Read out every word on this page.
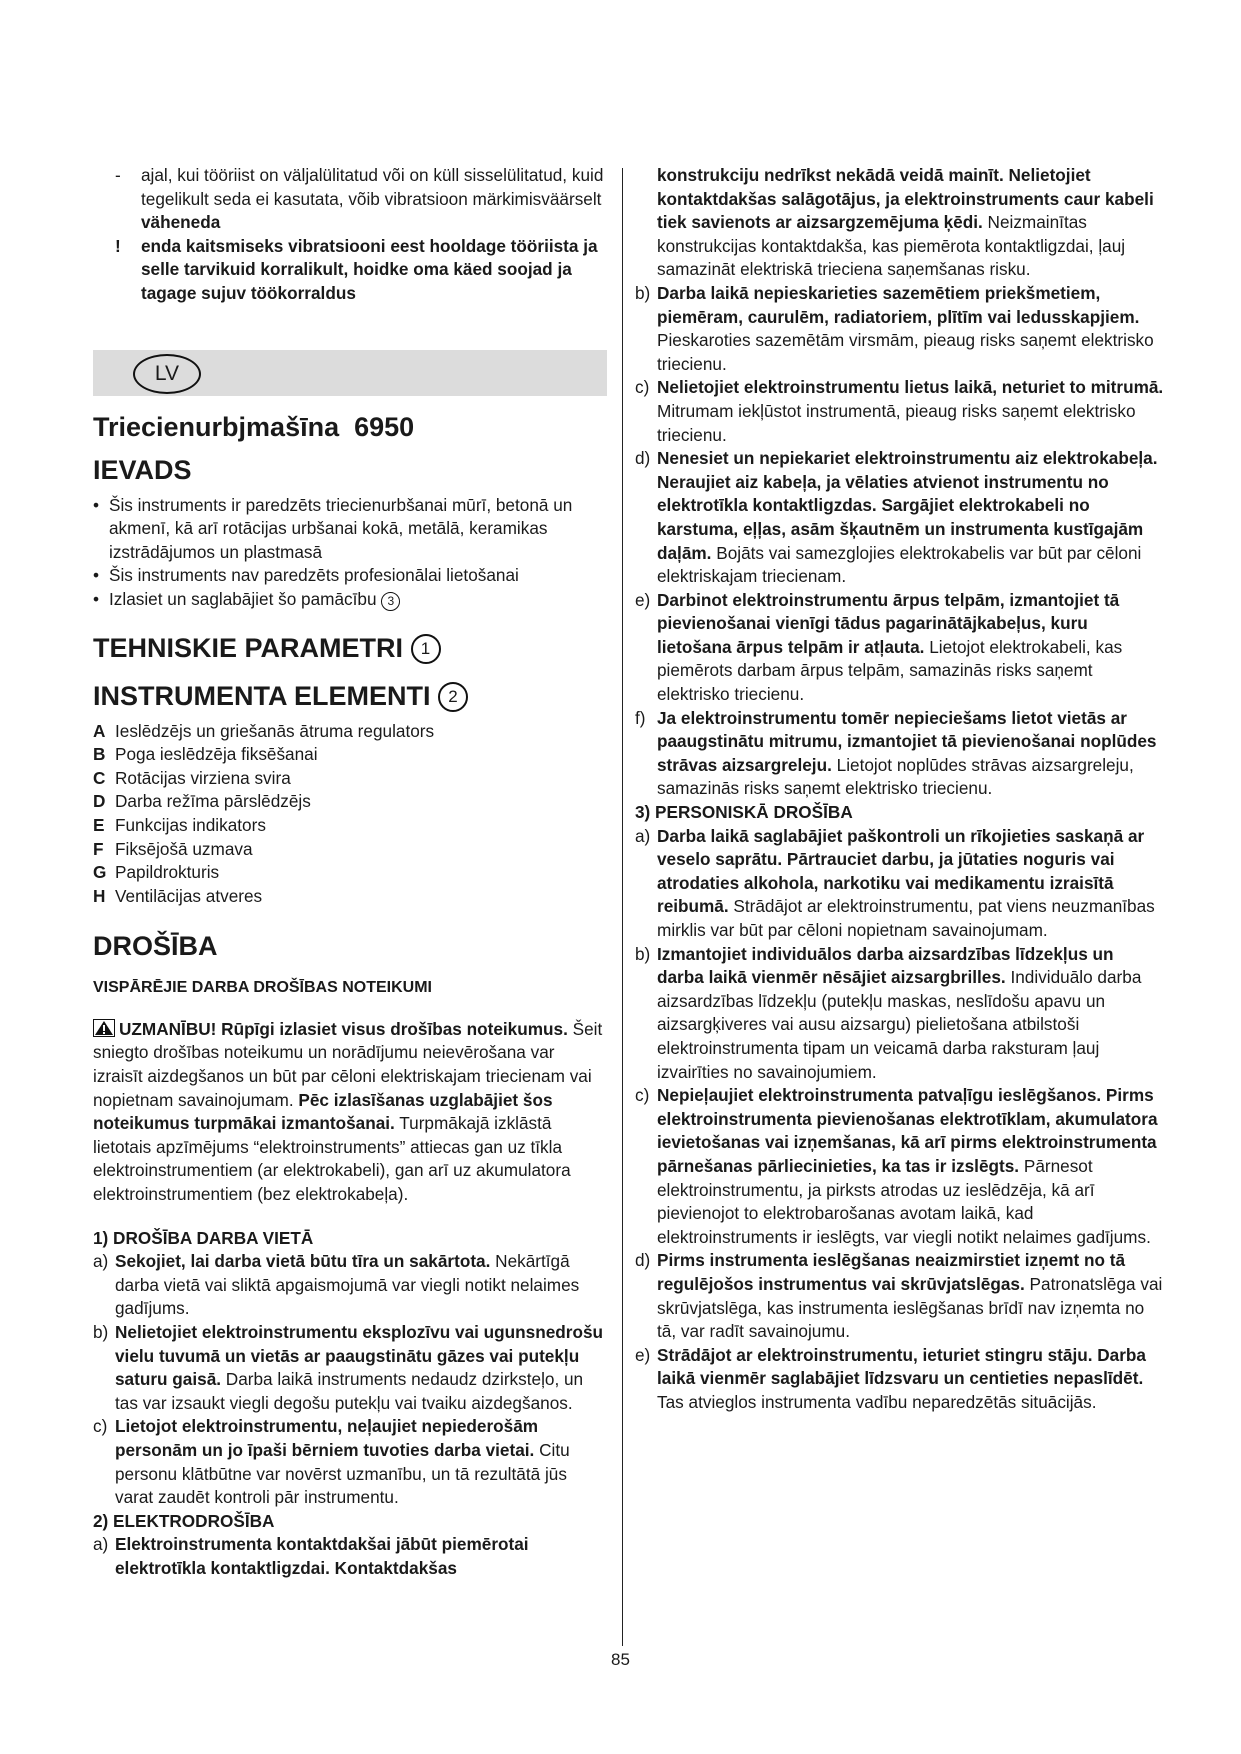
- ajal, kui tööriist on väljalülitatud või on küll sisselülitatud, kuid tegelikult seda ei kasutata, võib vibratsioon märkimisväärselt väheneda
! enda kaitsmiseks vibratsiooni eest hooldage tööriista ja selle tarvikuid korralikult, hoidke oma käed soojad ja tagage sujuv töökorraldus
LV
Triecienurbjmašīna  6950
IEVADS
• Šis instruments ir paredzēts triecienurbšanai mūrī, betonā un akmenī, kā arī rotācijas urbšanai kokā, metālā, keramikas izstrādājumos un plastmasā
• Šis instruments nav paredzēts profesionālai lietošanai
• Izlasiet un saglabājiet šo pamācību 3
TEHNISKIE PARAMETRI 1
INSTRUMENTA ELEMENTI 2
A Ieslēdzējs un griešanās ātruma regulators
B Poga ieslēdzēja fiksēšanai
C Rotācijas virziena svira
D Darba režīma pārslēdzējs
E Funkcijas indikators
F Fiksējošā uzmava
G Papildrokturis
H Ventilācijas atveres
DROŠĪBA
VISPĀRĒJIE DARBA DROŠĪBAS NOTEIKUMI

UZMANĪBU! Rūpīgi izlasiet visus drošības noteikumus. Šeit sniegto drošības noteikumu un norādījumu neievērošana var izraisīt aizdegšanos un būt par cēloni elektriskajam triecienam vai nopietnam savainojumam. Pēc izlasīšanas uzglabājiet šos noteikumus turpmākai izmantošanai. Turpmākajā izklāstā lietotais apzīmējums “elektroinstruments” attiecas gan uz tīkla elektroinstrumentiem (ar elektrokabeli), gan arī uz akumulatora elektroinstrumentiem (bez elektrokabeļa).

1) DROŠĪBA DARBA VIETĀ
a) Sekojiet, lai darba vietā būtu tīra un sakārtota. Nekārtīgā darba vietā vai sliktā apgaismojumā var viegli notikt nelaimes gadījums.
b) Nelietojiet elektroinstrumentu eksplozīvu vai ugunsnedrošu vielu tuvumā un vietās ar paaugstinātu gāzes vai putekļu saturu gaisā. Darba laikā instruments nedaudz dzirksteļo, un tas var izsaukt viegli degošu putekļu vai tvaiku aizdegšanos.
c) Lietojot elektroinstrumentu, neļaujiet nepiederošām personām un jo īpaši bērniem tuvoties darba vietai. Citu personu klātbūtne var novērst uzmanību, un tā rezultātā jūs varat zaudēt kontroli pār instrumentu.
2) ELEKTRODROŠĪBA
a) Elektroinstrumenta kontaktdakšai jābūt piemērotai elektrotīkla kontaktligzdai. Kontaktdakšas
konstrukciju nedrīkst nekādā veidā mainīt. Nelietojiet kontaktdakšas salāgotājus, ja elektroinstruments caur kabeli tiek savienots ar aizsargzemējuma ķēdi. Neizmainītas konstrukcijas kontaktdakša, kas piemērota kontaktligzdai, ļauj samazināt elektriskā trieciena saņemšanas risku.
b) Darba laikā nepieskarieties sazemētiem priekšmetiem, piemēram, caurulēm, radiatoriem, plītīm vai ledusskapjiem. Pieskaroties sazemētām virsmām, pieaug risks saņemt elektrisko triecienu.
c) Nelietojiet elektroinstrumentu lietus laikā, neturiet to mitrumā. Mitrumam iekļūstot instrumentā, pieaug risks saņemt elektrisko triecienu.
d) Nenesiet un nepiekariet elektroinstrumentu aiz elektrokabeļa. Neraujiet aiz kabeļa, ja vēlaties atvienot instrumentu no elektrotīkla kontaktligzdas. Sargājiet elektrokabeli no karstuma, eļļas, asām šķautnēm un instrumenta kustīgajām daļām. Bojāts vai samezglojies elektrokabelis var būt par cēloni elektriskajam triecienam.
e) Darbinot elektroinstrumentu ārpus telpām, izmantojiet tā pievienošanai vienīgi tādus pagarinātājkabeļus, kuru lietošana ārpus telpām ir atļauta. Lietojot elektrokabeli, kas piemērots darbam ārpus telpām, samazinās risks saņemt elektrisko triecienu.
f) Ja elektroinstrumentu tomēr nepieciešams lietot vietās ar paaugstinātu mitrumu, izmantojiet tā pievienošanai noplūdes strāvas aizsargreleju. Lietojot noplūdes strāvas aizsargreleju, samazinās risks saņemt elektrisko triecienu.
3) PERSONISKĀ DROŠĪBA
a) Darba laikā saglabājiet paškontroli un rīkojieties saskaņā ar veselo saprātu. Pārtrauciet darbu, ja jūtaties noguris vai atrodaties alkohola, narkotiku vai medikamentu izraisītā reibumā. Strādājot ar elektroinstrumentu, pat viens neuzmanības mirklis var būt par cēloni nopietnam savainojumam.
b) Izmantojiet individuālos darba aizsardzības līdzekļus un darba laikā vienmēr nēsājiet aizsargbrilles. Individuālo darba aizsardzības līdzekļu (putekļu maskas, neslīdošu apavu un aizsargķiveres vai ausu aizsargu) pielietošana atbilstoši elektroinstrumenta tipam un veicamā darba raksturam ļauj izvairīties no savainojumiem.
c) Nepieļaujiet elektroinstrumenta patvaļīgu ieslēgšanos. Pirms elektroinstrumenta pievienošanas elektrotīklam, akumulatora ievietošanas vai izņemšanas, kā arī pirms elektroinstrumenta pārnešanas pārliecinieties, ka tas ir izslēgts. Pārnesot elektroinstrumentu, ja pirksts atrodas uz ieslēdzēja, kā arī pievienojot to elektrobarošanas avotam laikā, kad elektroinstruments ir ieslēgts, var viegli notikt nelaimes gadījums.
d) Pirms instrumenta ieslēgšanas neaizmirstiet izņemt no tā regulējošos instrumentus vai skrūvjatslēgas. Patronatslēga vai skrūvjatslēga, kas instrumenta ieslēgšanas brīdī nav izņemta no tā, var radīt savainojumu.
e) Strādājot ar elektroinstrumentu, ieturiet stingru stāju. Darba laikā vienmēr saglabājiet līdzsvaru un centieties nepaslīdēt. Tas atvieglos instrumenta vadību neparedzētās situācijās.
85
